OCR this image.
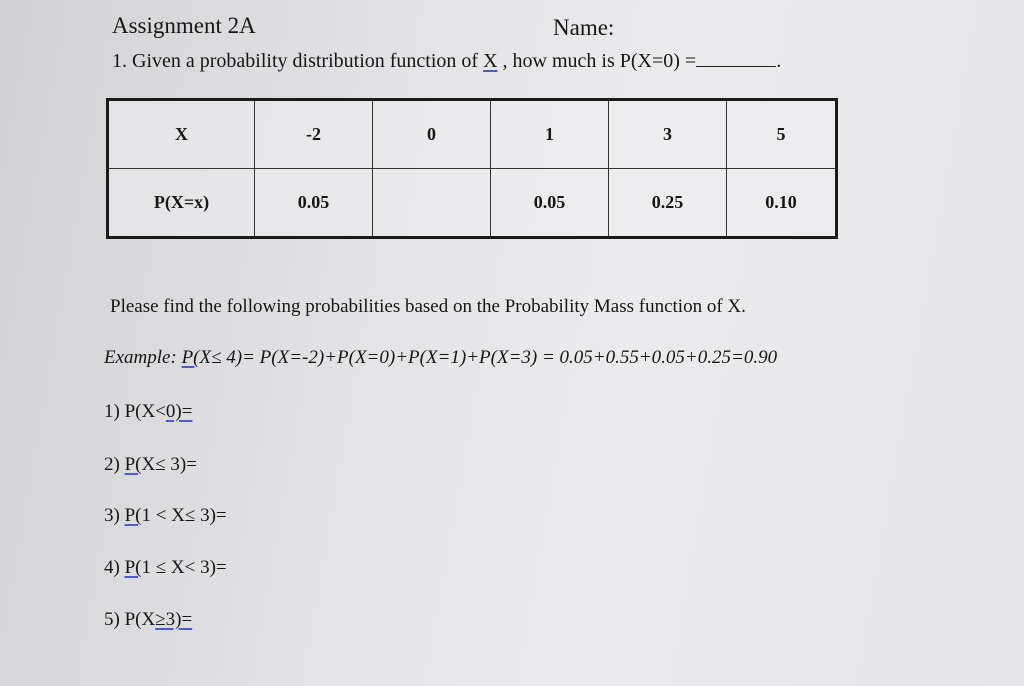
Assignment 2A	Name:
1. Given a probability distribution function of X , how much is P(X=0) =	.
X	-2	0	1	3	5
P(X=x)	0.05		0.05	0.25	0.10
Please find the following probabilities based on the Probability Mass function of X.
Example: P(X≤ 4)= P(X=-2)+P(X=0)+P(X=1)+P(X=3) = 0.05+0.55+0.05+0.25=0.90
1) P(X<0)=
2) P(X≤ 3)=
3) P(1 < X≤ 3)=
4) P(1 ≤ X< 3)=
5) P(X≥3)=
